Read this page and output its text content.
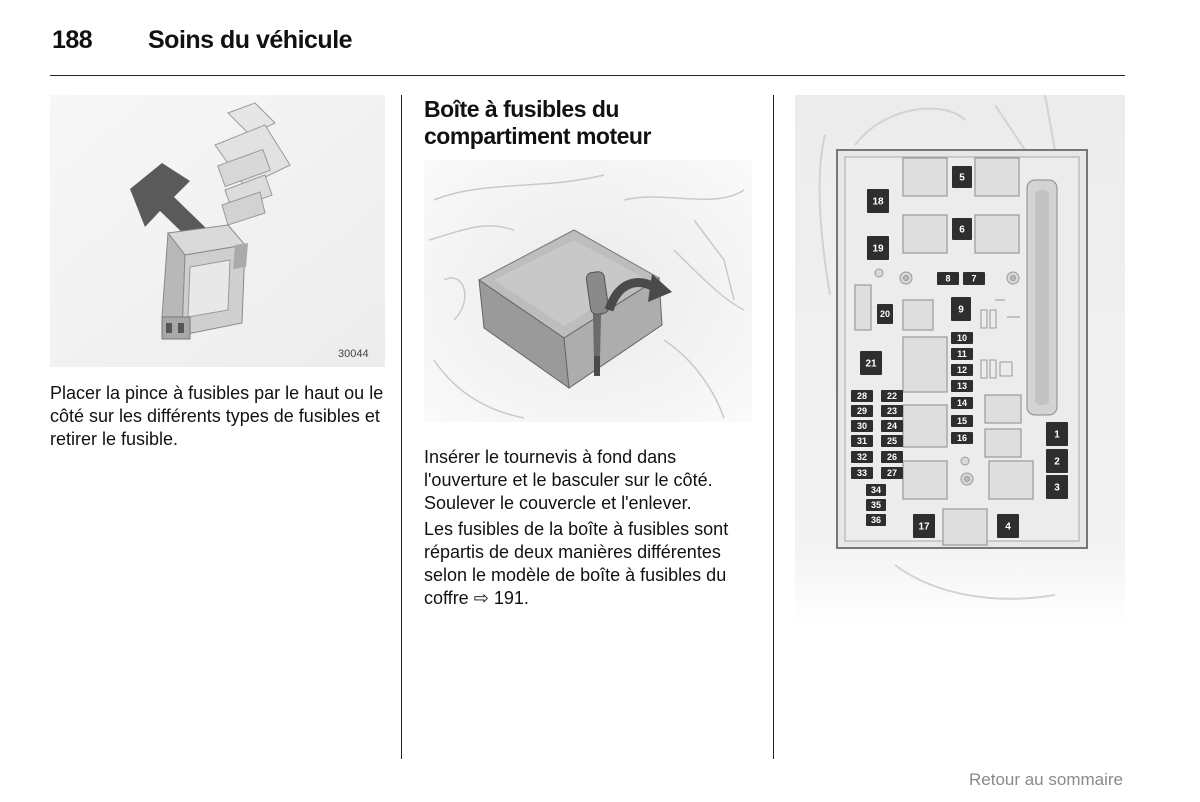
188 Soins du véhicule
30044
Placer la pince à fusibles par le haut ou le côté sur les différents types de fusibles et retirer le fusible.
Boîte à fusibles du
compartiment moteur
Insérer le tournevis à fond dans l'ouverture et le basculer sur le côté. Soulever le couvercle et l'enlever.
Les fusibles de la boîte à fusibles sont répartis de deux manières différentes selon le modèle de boîte à fusibles du coffre ⇨ 191.
5
6
18
19
8 7
9
20
21
10
11
12
13
14
15
16
28 22
29 23
30 24
31 25
32 26
33 27
34
35
36
17	4
1
2
3
Retour au sommaire
